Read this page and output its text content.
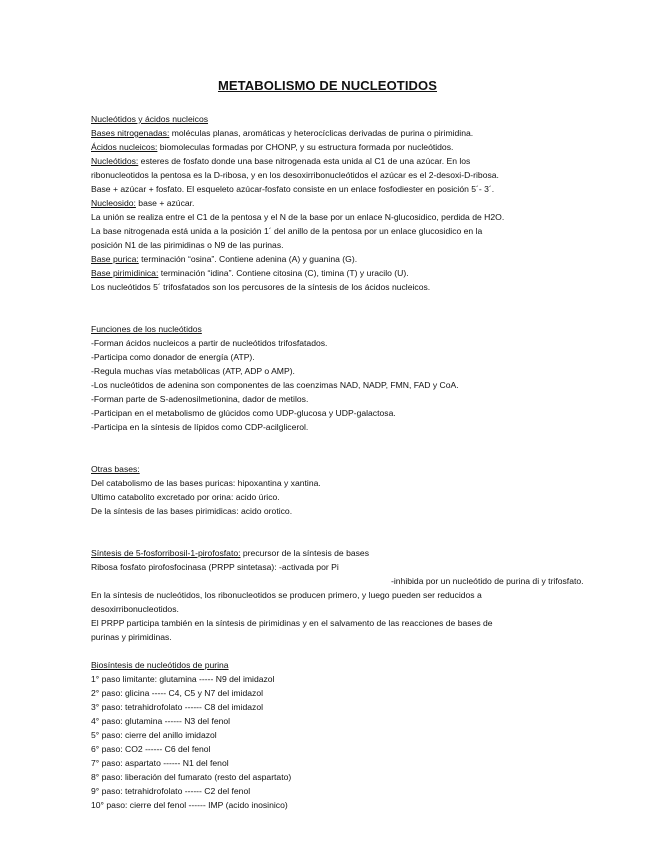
METABOLISMO DE NUCLEOTIDOS
Nucleótidos y ácidos nucleicos
Bases nitrogenadas: moléculas planas, aromáticas y heterocíclicas derivadas de purina o pirimidina.
Ácidos nucleicos: biomoleculas formadas por CHONP, y su estructura formada por nucleótidos.
Nucleótidos: esteres de fosfato donde una base nitrogenada esta unida al C1 de una azúcar. En los
ribonucleotidos la pentosa es la D-ribosa, y en los desoxirribonucleótidos el azúcar es el 2-desoxi-D-ribosa.
Base + azúcar + fosfato. El esqueleto azúcar-fosfato consiste en un enlace fosfodiester en posición 5´- 3´.
Nucleosido: base + azúcar.
La unión se realiza entre el C1 de la pentosa y el N de la base por un enlace N-glucosidico, perdida de H2O.
La base nitrogenada está unida a la posición 1´ del anillo de la pentosa por un enlace glucosidico en la
posición N1 de las pirimidinas o N9 de las purinas.
Base purica: terminación “osina”. Contiene adenina (A) y guanina (G).
Base pirimidinica: terminación “idina”. Contiene citosina (C), timina (T) y uracilo (U).
Los nucleótidos 5´ trifosfatados son los percusores de la síntesis de los ácidos nucleicos.
Funciones de los nucleótidos
-Forman ácidos nucleicos a partir de nucleótidos trifosfatados.
-Participa como donador de energía (ATP).
-Regula muchas vías metabólicas (ATP, ADP o AMP).
-Los nucleótidos de adenina son componentes de las coenzimas NAD, NADP, FMN, FAD y CoA.
-Forman parte de S-adenosilmetionina, dador de metilos.
-Participan en el metabolismo de glúcidos como UDP-glucosa y UDP-galactosa.
-Participa en la síntesis de lípidos como CDP-acilglicerol.
Otras bases:
Del catabolismo de las bases puricas: hipoxantina y xantina.
Ultimo catabolito excretado por orina: acido úrico.
De la síntesis de las bases pirimidicas: acido orotico.
Síntesis de 5-fosforribosil-1-pirofosfato: precursor de la síntesis de bases
Ribosa fosfato pirofosfocinasa (PRPP sintetasa): -activada por Pi
-inhibida por un nucleótido de purina di y trifosfato.
En la síntesis de nucleótidos, los ribonucleotidos se producen primero, y luego pueden ser reducidos a
desoxirribonucleotidos.
El PRPP participa también en la síntesis de pirimidinas y en el salvamento de las reacciones de bases de
purinas y pirimidinas.
Biosíntesis de nucleótidos de purina
1° paso limitante: glutamina ----- N9 del imidazol
2° paso: glicina ----- C4, C5 y N7 del imidazol
3° paso: tetrahidrofolato ------ C8 del imidazol
4° paso: glutamina ------ N3 del fenol
5° paso: cierre del anillo imidazol
6° paso: CO2 ------ C6 del fenol
7° paso: aspartato ------ N1 del fenol
8° paso: liberación del fumarato (resto del aspartato)
9° paso: tetrahidrofolato ------ C2 del fenol
10° paso: cierre del fenol ------ IMP (acido inosinico)
